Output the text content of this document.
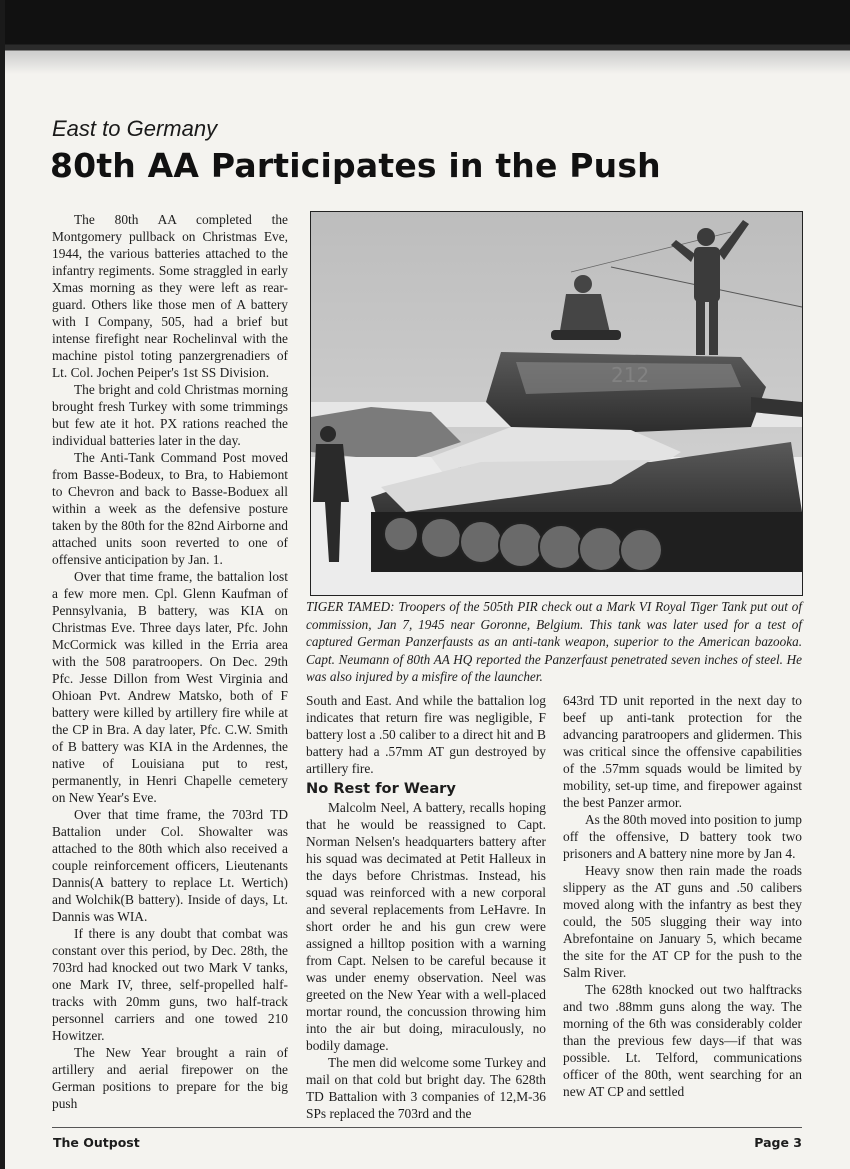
East to Germany
80th AA Participates in the Push

The 80th AA completed the Montgomery pullback on Christmas Eve, 1944, the various batteries attached to the infantry regiments. Some straggled in early Xmas morning as they were left as rear- guard. Others like those men of A battery with I Company, 505, had a brief but intense firefight near Rochelinval with the machine pistol toting panzergrenadiers of Lt. Col. Jochen Peiper's 1st SS Division.

The bright and cold Christmas morning brought fresh Turkey with some trimmings but few ate it hot. PX rations reached the individual batteries later in the day.

The Anti-Tank Command Post moved from Basse-Bodeux, to Bra, to Habiemont to Chevron and back to Basse-Boduex all within a week as the defensive posture taken by the 80th for the 82nd Airborne and attached units soon reverted to one of offensive anticipation by Jan. 1.

Over that time frame, the battalion lost a few more men. Cpl. Glenn Kaufman of Pennsylvania, B battery, was KIA on Christmas Eve. Three days later, Pfc. John McCormick was killed in the Erria area with the 508 paratroopers. On Dec. 29th Pfc. Jesse Dillon from West Virginia and Ohioan Pvt. Andrew Matsko, both of F battery were killed by artillery fire while at the CP in Bra. A day later, Pfc. C.W. Smith of B battery was KIA in the Ardennes, the native of Louisiana put to rest, permanently, in Henri Chapelle cemetery on New Year's Eve.

Over that time frame, the 703rd TD Battalion under Col. Showalter was attached to the 80th which also received a couple reinforcement officers, Lieutenants Dannis(A battery to replace Lt. Wertich) and Wolchik(B battery). Inside of days, Lt. Dannis was WIA.

If there is any doubt that combat was constant over this period, by Dec. 28th, the 703rd had knocked out two Mark V tanks, one Mark IV, three, self-propelled half-tracks with 20mm guns, two half-track personnel carriers and one towed 210 Howitzer.

The New Year brought a rain of artillery and aerial firepower on the German positions to prepare for the big push

212
TIGER TAMED: Troopers of the 505th PIR check out a Mark VI Royal Tiger Tank put out of commission, Jan 7, 1945 near Goronne, Belgium. This tank was later used for a test of captured German Panzerfausts as an anti-tank weapon, superior to the American bazooka. Capt. Neumann of 80th AA HQ reported the Panzerfaust penetrated seven inches of steel. He was also injured by a misfire of the launcher.

South and East. And while the battalion log indicates that return fire was negligible, F battery lost a .50 caliber to a direct hit and B battery had a .57mm AT gun destroyed by artillery fire.

No Rest for Weary

Malcolm Neel, A battery, recalls hoping that he would be reassigned to Capt. Norman Nelsen's headquarters battery after his squad was decimated at Petit Halleux in the days before Christmas. Instead, his squad was reinforced with a new corporal and several replacements from LeHavre. In short order he and his gun crew were assigned a hilltop position with a warning from Capt. Nelsen to be careful because it was under enemy observation. Neel was greeted on the New Year with a well-placed mortar round, the concussion throwing him into the air but doing, miraculously, no bodily damage.

The men did welcome some Turkey and mail on that cold but bright day. The 628th TD Battalion with 3 companies of 12,M-36 SPs replaced the 703rd and the

643rd TD unit reported in the next day to beef up anti-tank protection for the advancing paratroopers and glidermen. This was critical since the offensive capabilities of the .57mm squads would be limited by mobility, set-up time, and firepower against the best Panzer armor.

As the 80th moved into position to jump off the offensive, D battery took two prisoners and A battery nine more by Jan 4.

Heavy snow then rain made the roads slippery as the AT guns and .50 calibers moved along with the infantry as best they could, the 505 slugging their way into Abrefontaine on January 5, which became the site for the AT CP for the push to the Salm River.

The 628th knocked out two halftracks and two .88mm guns along the way. The morning of the 6th was considerably colder than the previous few days—if that was possible. Lt. Telford, communications officer of the 80th, went searching for an new AT CP and settled

The Outpost	Page 3
